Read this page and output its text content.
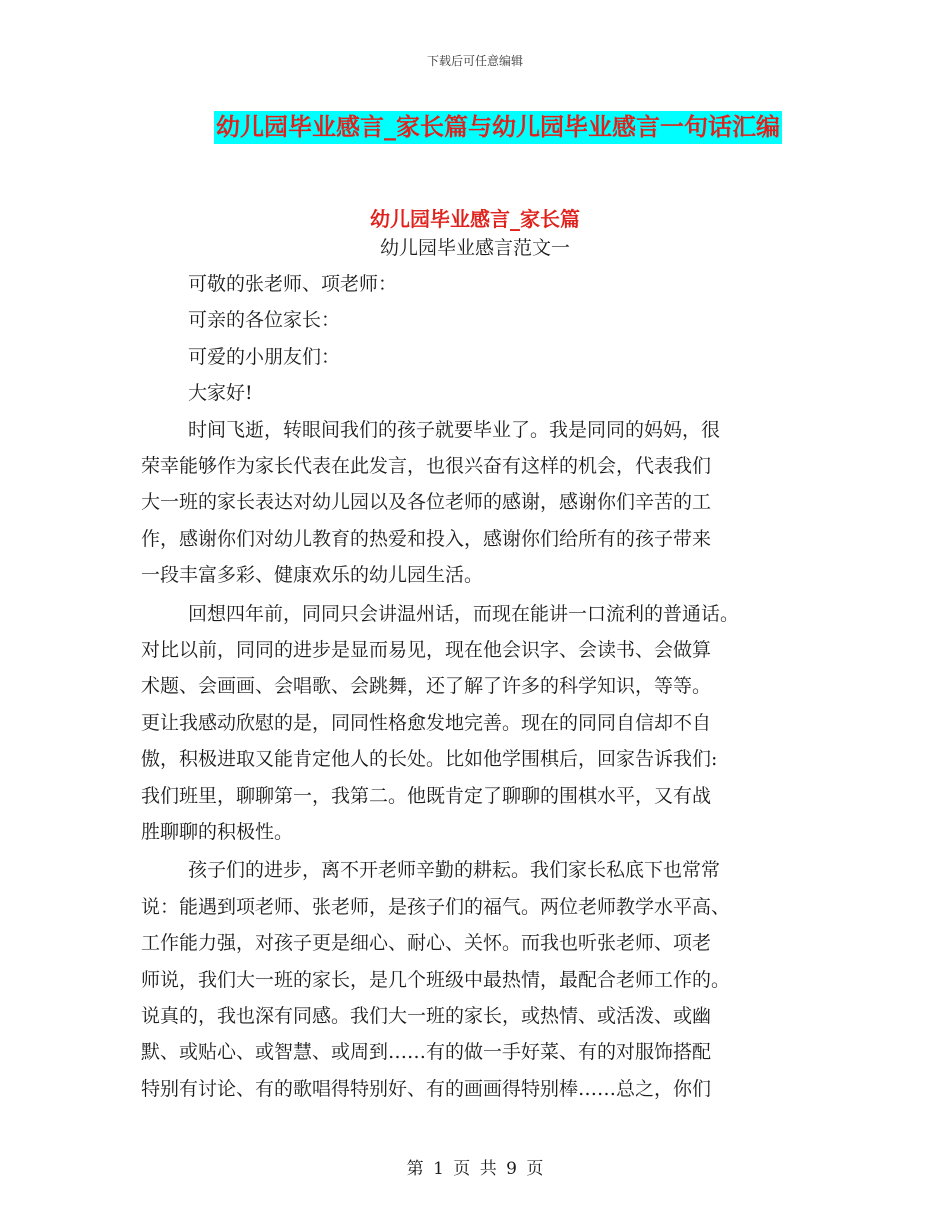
下载后可任意编辑
幼儿园毕业感言_家长篇与幼儿园毕业感言一句话汇编
幼儿园毕业感言_家长篇
幼儿园毕业感言范文一

可敬的张老师、项老师：

可亲的各位家长：

可爱的小朋友们：

大家好!

时间飞逝，转眼间我们的孩子就要毕业了。我是同同的妈妈，很
荣幸能够作为家长代表在此发言，也很兴奋有这样的机会，代表我们
大一班的家长表达对幼儿园以及各位老师的感谢，感谢你们辛苦的工
作，感谢你们对幼儿教育的热爱和投入，感谢你们给所有的孩子带来
一段丰富多彩、健康欢乐的幼儿园生活。
回想四年前，同同只会讲温州话，而现在能讲一口流利的普通话。
对比以前，同同的进步是显而易见，现在他会识字、会读书、会做算
术题、会画画、会唱歌、会跳舞，还了解了许多的科学知识，等等。
更让我感动欣慰的是，同同性格愈发地完善。现在的同同自信却不自
傲，积极进取又能肯定他人的长处。比如他学围棋后，回家告诉我们:
我们班里，聊聊第一，我第二。他既肯定了聊聊的围棋水平，又有战
胜聊聊的积极性。
孩子们的进步，离不开老师辛勤的耕耘。我们家长私底下也常常
说：能遇到项老师、张老师，是孩子们的福气。两位老师教学水平高、
工作能力强，对孩子更是细心、耐心、关怀。而我也听张老师、项老
师说，我们大一班的家长，是几个班级中最热情，最配合老师工作的。
说真的，我也深有同感。我们大一班的家长，或热情、或活泼、或幽
默、或贴心、或智慧、或周到……有的做一手好菜、有的对服饰搭配
特别有讨论、有的歌唱得特别好、有的画画得特别棒……总之，你们
第 1 页 共 9 页
